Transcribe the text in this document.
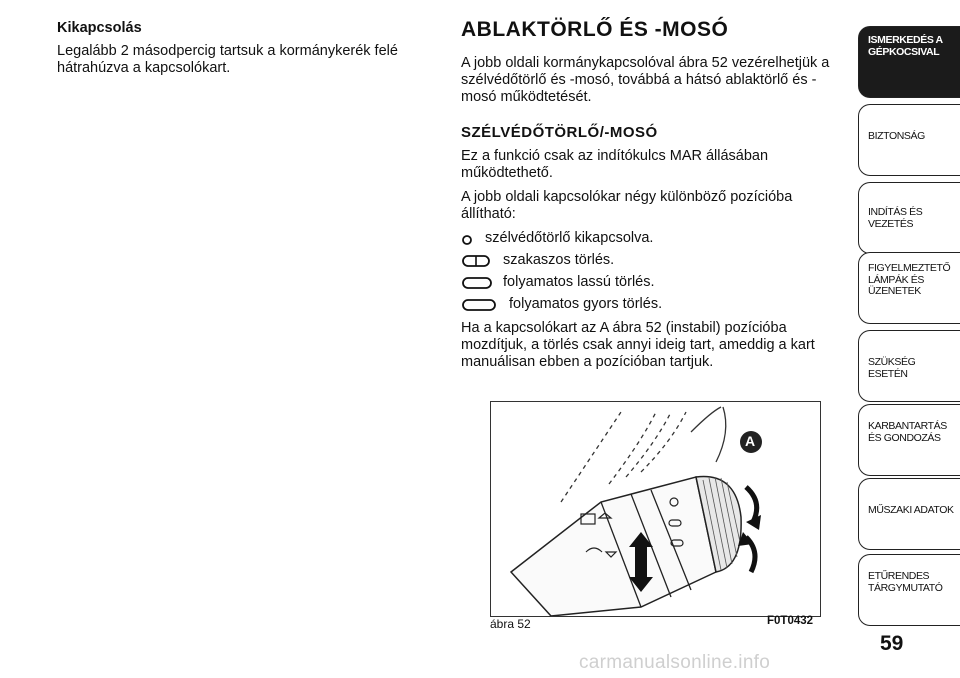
Kikapcsolás

Legalább 2 másodpercig tartsuk a kormánykerék felé hátrahúzva a kapcsolókart.

ABLAKTÖRLŐ ÉS -MOSÓ

A jobb oldali kormánykapcsolóval ábra 52 vezérelhetjük a szélvédőtörlő és -mosó, továbbá a hátsó ablaktörlő és -mosó működtetését.

SZÉLVÉDŐTÖRLŐ/-MOSÓ

Ez a funkció csak az indítókulcs MAR állásában működtethető.

A jobb oldali kapcsolókar négy különböző pozícióba állítható:

szélvédőtörlő kikapcsolva.
szakaszos törlés.
folyamatos lassú törlés.
folyamatos gyors törlés.

Ha a kapcsolókart az A ábra 52 (instabil) pozícióba mozdítjuk, a törlés csak annyi ideig tart, ameddig a kart manuálisan ebben a pozícióban tartjuk.

A
ábra 52	F0T0432
ISMERKEDÉS A GÉPKOCSIVAL
BIZTONSÁG
INDÍTÁS ÉS VEZETÉS
FIGYELMEZTETŐ LÁMPÁK ÉS ÜZENETEK
SZÜKSÉG ESETÉN
KARBANTARTÁS ÉS GONDOZÁS
MŰSZAKI ADATOK
ETŰRENDES TÁRGYMUTATÓ
59
carmanualsonline.info
